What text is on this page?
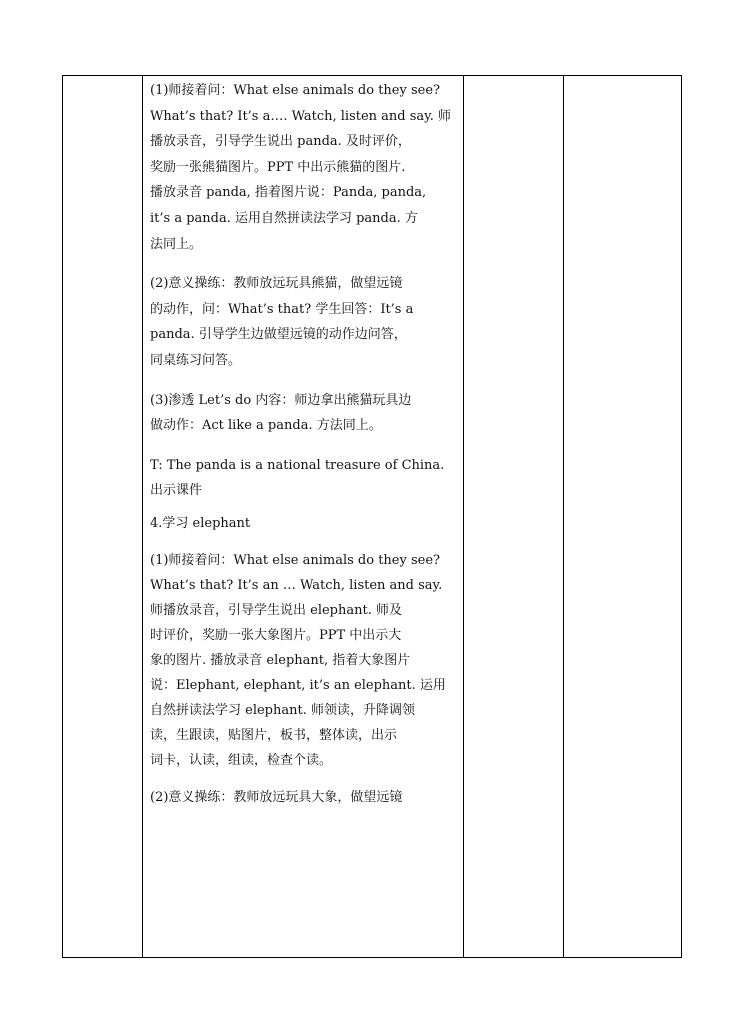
(1)师接着问：What else animals do they see?
What’s that? It’s a…. Watch, listen and say. 师
播放录音，引导学生说出 panda. 及时评价，
奖励一张熊猫图片。PPT 中出示熊猫的图片.
播放录音 panda, 指着图片说：Panda, panda,
it’s a panda. 运用自然拼读法学习 panda. 方
法同上。
(2)意义操练：教师放远玩具熊猫，做望远镜
的动作，问：What’s that? 学生回答：It’s a
panda. 引导学生边做望远镜的动作边问答，
同桌练习问答。
(3)渗透 Let’s do 内容：师边拿出熊猫玩具边
做动作：Act like a panda. 方法同上。
T: The panda is a national treasure of China.
出示课件
4.学习 elephant
(1)师接着问：What else animals do they see?
What’s that? It’s an … Watch, listen and say.
师播放录音，引导学生说出 elephant. 师及
时评价，奖励一张大象图片。PPT 中出示大
象的图片. 播放录音 elephant, 指着大象图片
说：Elephant, elephant, it’s an elephant. 运用
自然拼读法学习 elephant. 师领读，升降调领
读，生跟读，贴图片，板书，整体读，出示
词卡，认读，组读，检查个读。
(2)意义操练：教师放远玩具大象，做望远镜
